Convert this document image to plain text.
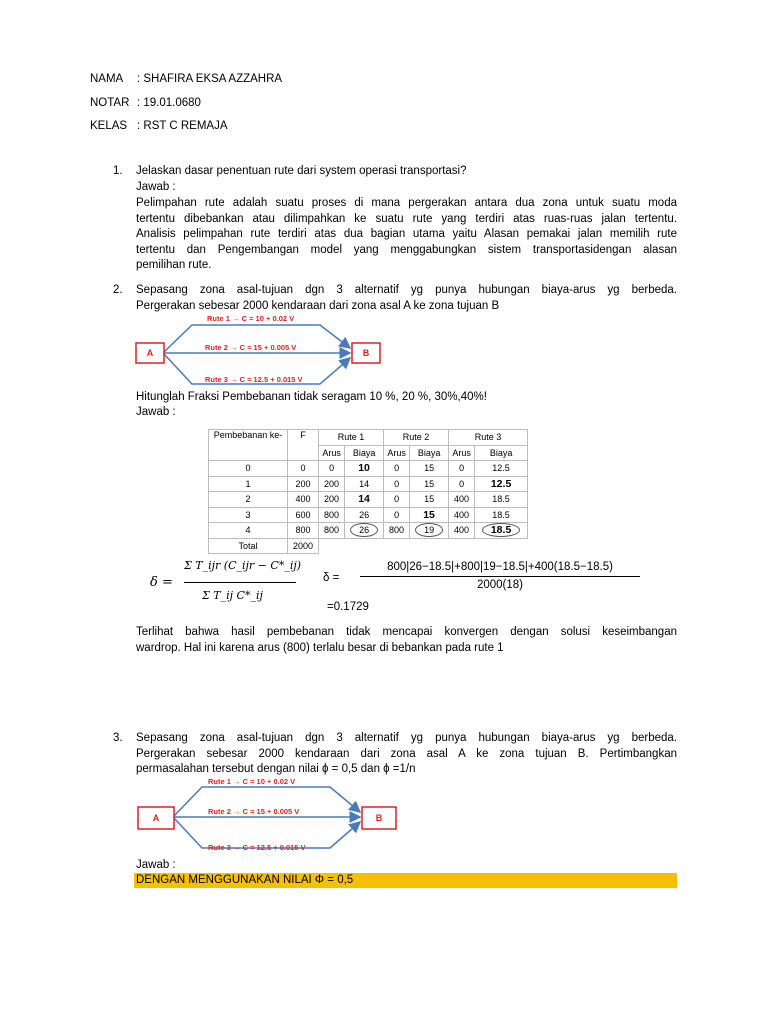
NAMA : SHAFIRA EKSA AZZAHRA
NOTAR : 19.01.0680
KELAS : RST C REMAJA
1. Jelaskan dasar penentuan rute dari system operasi transportasi?
Jawab :
Pelimpahan rute adalah suatu proses di mana pergerakan antara dua zona untuk suatu moda
tertentu dibebankan atau dilimpahkan ke suatu rute yang terdiri atas ruas-ruas jalan tertentu.
Analisis pelimpahan rute terdiri atas dua bagian utama yaitu Alasan pemakai jalan memilih rute
tertentu dan Pengembangan model yang menggabungkan sistem transportasidengan alasan
pemilihan rute.
2. Sepasang zona asal-tujuan dgn 3 alternatif yg punya hubungan biaya-arus yg berbeda.
Pergerakan sebesar 2000 kendaraan dari zona asal A ke zona tujuan B
A	B
Rute 1 → C = 10 + 0.02 V
Rute 2 → C = 15 + 0.005 V
Rute 3 → C = 12.5 + 0.015 V
Hitunglah Fraksi Pembebanan tidak seragam 10 %, 20 %, 30%,40%!
Jawab :
Pembebanan ke-	F	Rute 1		Rute 2		Rute 3	
		Arus	Biaya	Arus	Biaya	Arus	Biaya
0	0	0	10	0	15	0	12.5
1	200	200	14	0	15	0	12.5
2	400	200	14	0	15	400	18.5
3	600	800	26	0	15	400	18.5
4	800	800	26	800	19	400	18.5
Total	2000						
δ =
Σ T_ijr (C_ijr − C*_ij)
Σ T_ij C*_ij
δ =
800|26−18.5|+800|19−18.5|+400(18.5−18.5)
2000(18)
=0.1729
Terlihat bahwa hasil pembebanan tidak mencapai konvergen dengan solusi keseimbangan
wardrop. Hal ini karena arus (800) terlalu besar di bebankan pada rute 1
3. Sepasang zona asal-tujuan dgn 3 alternatif yg punya hubungan biaya-arus yg berbeda.
Pergerakan sebesar 2000 kendaraan dari zona asal A ke zona tujuan B. Pertimbangkan
permasalahan tersebut dengan nilai ϕ = 0,5 dan ϕ =1/n
A	B
Rute 1 → C = 10 + 0.02 V
Rute 2 → C = 15 + 0.005 V
Rute 3 → C = 12.5 + 0.015 V
Jawab :
DENGAN MENGGUNAKAN NILAI Φ = 0,5
